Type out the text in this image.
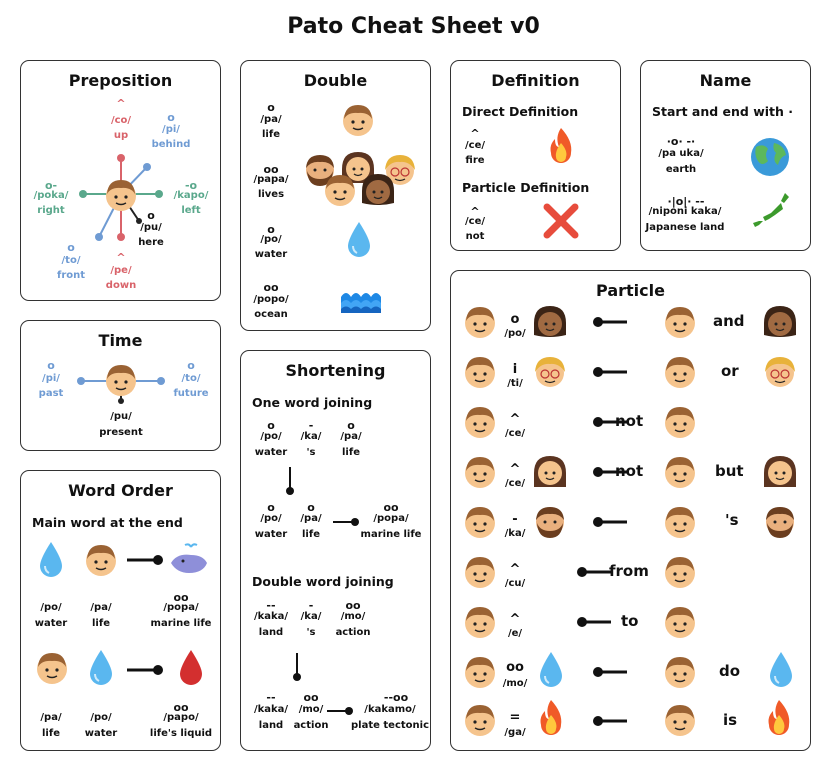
Pato Cheat Sheet v0
Preposition
^
/co/
up
o
/pi/
behind
o-
/poka/
right
-o
/kapo/
left
o
/pu/
here
o
/to/
front
^
/pe/
down
Double
o
/pa/
life
oo
/papa/
lives
o
/po/
water
oo
/popo/
ocean
Definition
Direct Definition
^
/ce/
fire
Particle Definition
^
/ce/
not
Name
Start and end with ·
·o· -·
/pa uka/
earth
·|o|· --
/niponi kaka/
Japanese land
Time
o
/pi/
past
o
/to/
future
/pu/
present
Shortening
One word joining
o
/po/
water
-
/ka/
's
o
/pa/
life
o
/po/
water
o
/pa/
life
oo
/popa/
marine life
Double word joining
--
/kaka/
land
-
/ka/
's
oo
/mo/
action
--
/kaka/
land
oo
/mo/
action
--oo
/kakamo/
plate tectonic
Word Order
Main word at the end
/po/
water
/pa/
life
oo
/popa/
marine life
/pa/
life
/po/
water
oo
/papo/
life's liquid
Particle
o
/po/
and
i
/ti/
or
^
/ce/
not
^
/ce/
not	but
-
/ka/
's
^
/cu/
from
^
/e/
to
oo
/mo/
do
=
/ga/
is
